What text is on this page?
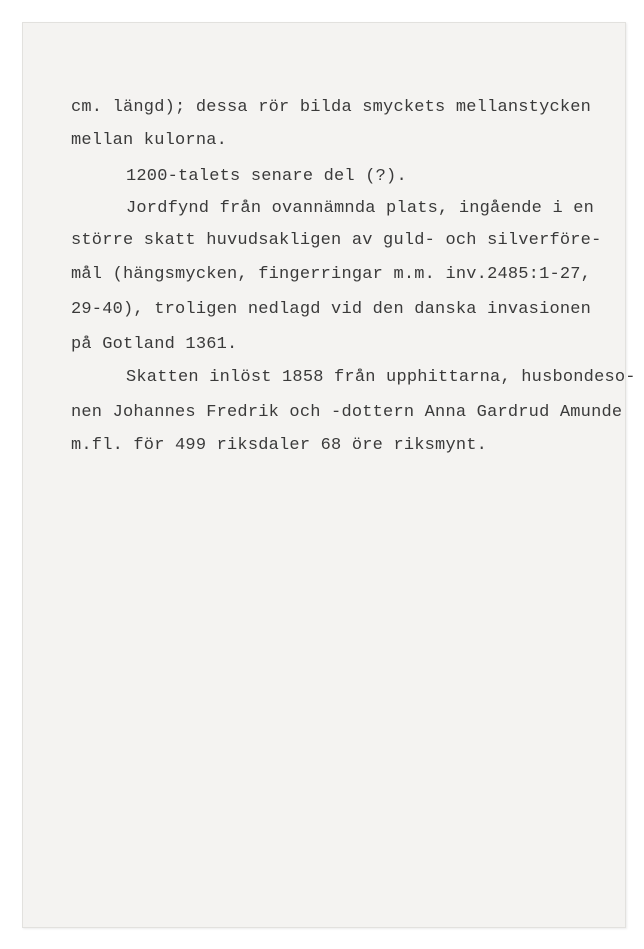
cm. längd); dessa rör bilda smyckets mellanstycken
mellan kulorna.
1200-talets senare del (?).
Jordfynd från ovannämnda plats, ingående i en
större skatt huvudsakligen av guld- och silverföre-
mål (hängsmycken, fingerringar m.m. inv.2485:1-27,
29-40), troligen nedlagd vid den danska invasionen
på Gotland 1361.
Skatten inlöst 1858 från upphittarna, husbondeso-
nen Johannes Fredrik och -dottern Anna Gardrud Amunde
m.fl. för 499 riksdaler 68 öre riksmynt.
